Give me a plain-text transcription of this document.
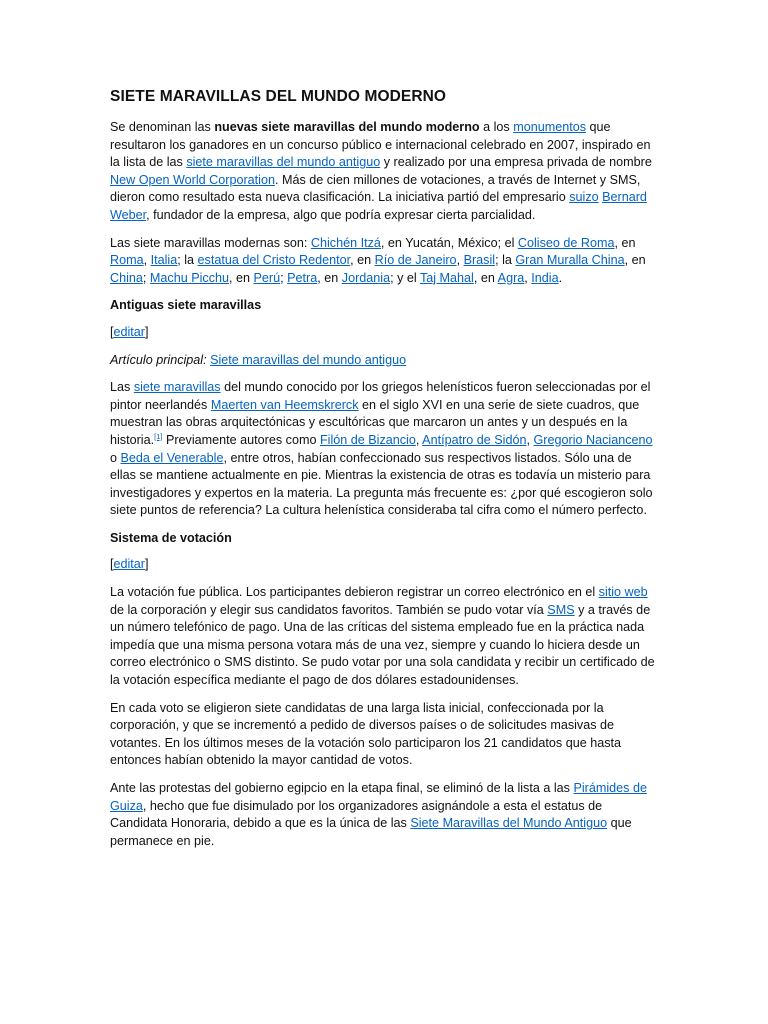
SIETE MARAVILLAS DEL MUNDO MODERNO

Se denominan las nuevas siete maravillas del mundo moderno a los monumentos que resultaron los ganadores en un concurso público e internacional celebrado en 2007, inspirado en la lista de las siete maravillas del mundo antiguo y realizado por una empresa privada de nombre New Open World Corporation. Más de cien millones de votaciones, a través de Internet y SMS, dieron como resultado esta nueva clasificación. La iniciativa partió del empresario suizo Bernard Weber, fundador de la empresa, algo que podría expresar cierta parcialidad.

Las siete maravillas modernas son: Chichén Itzá, en Yucatán, México; el Coliseo de Roma, en Roma, Italia; la estatua del Cristo Redentor, en Río de Janeiro, Brasil; la Gran Muralla China, en China; Machu Picchu, en Perú; Petra, en Jordania; y el Taj Mahal, en Agra, India.

Antiguas siete maravillas

[editar]

Artículo principal: Siete maravillas del mundo antiguo

Las siete maravillas del mundo conocido por los griegos helenísticos fueron seleccionadas por el pintor neerlandés Maerten van Heemskrerck en el siglo XVI en una serie de siete cuadros, que muestran las obras arquitectónicas y escultóricas que marcaron un antes y un después en la historia.[1] Previamente autores como Filón de Bizancio, Antípatro de Sidón, Gregorio Nacianceno o Beda el Venerable, entre otros, habían confeccionado sus respectivos listados. Sólo una de ellas se mantiene actualmente en pie. Mientras la existencia de otras es todavía un misterio para investigadores y expertos en la materia. La pregunta más frecuente es: ¿por qué escogieron solo siete puntos de referencia? La cultura helenística consideraba tal cifra como el número perfecto.

Sistema de votación

[editar]

La votación fue pública. Los participantes debieron registrar un correo electrónico en el sitio web de la corporación y elegir sus candidatos favoritos. También se pudo votar vía SMS y a través de un número telefónico de pago. Una de las críticas del sistema empleado fue en la práctica nada impedía que una misma persona votara más de una vez, siempre y cuando lo hiciera desde un correo electrónico o SMS distinto. Se pudo votar por una sola candidata y recibir un certificado de la votación específica mediante el pago de dos dólares estadounidenses.

En cada voto se eligieron siete candidatas de una larga lista inicial, confeccionada por la corporación, y que se incrementó a pedido de diversos países o de solicitudes masivas de votantes. En los últimos meses de la votación solo participaron los 21 candidatos que hasta entonces habían obtenido la mayor cantidad de votos.

Ante las protestas del gobierno egipcio en la etapa final, se eliminó de la lista a las Pirámides de Guiza, hecho que fue disimulado por los organizadores asignándole a esta el estatus de Candidata Honoraria, debido a que es la única de las Siete Maravillas del Mundo Antiguo que permanece en pie.
